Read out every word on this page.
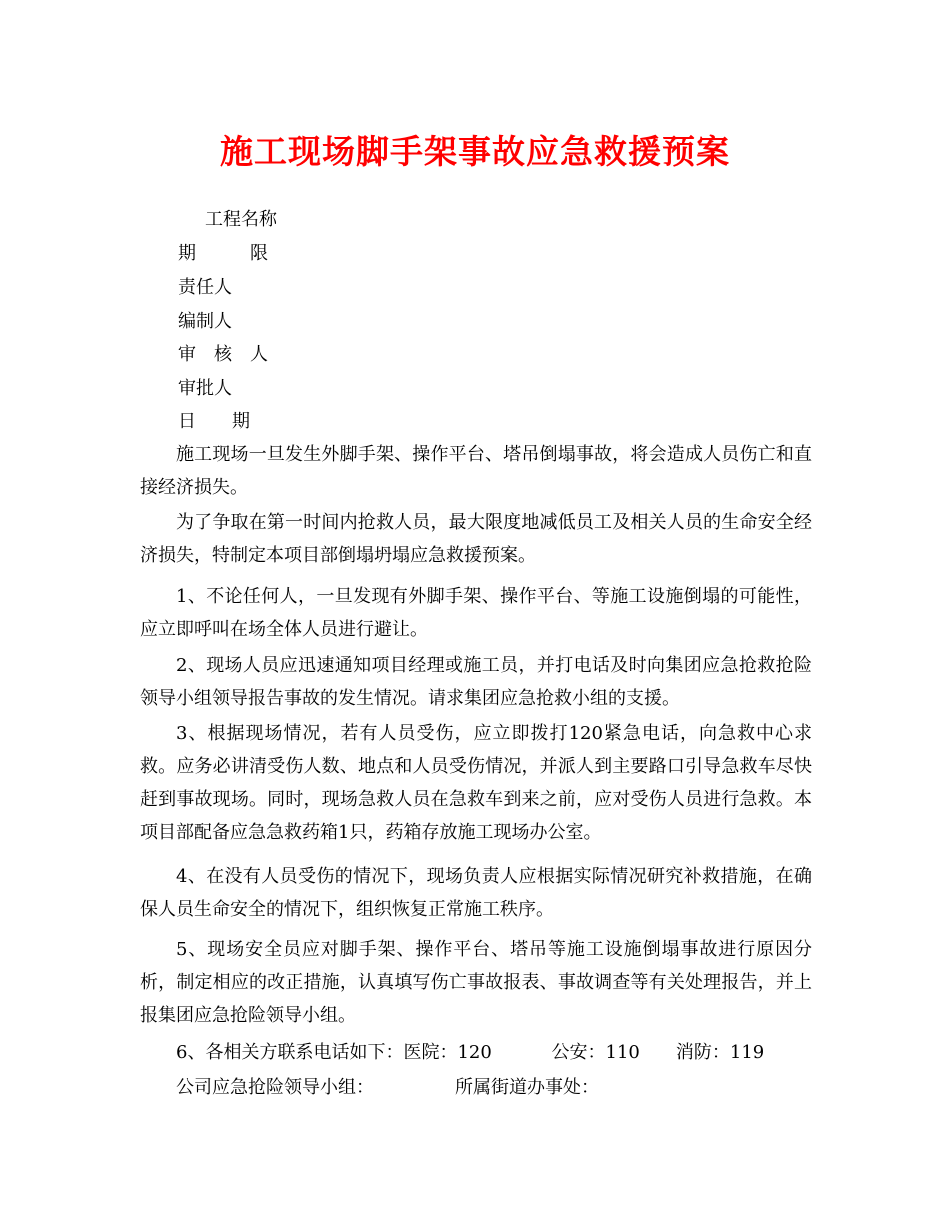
施工现场脚手架事故应急救援预案
工程名称
期　　　限
责任人
编制人
审　核　人
审批人
日　　期
施工现场一旦发生外脚手架、操作平台、塔吊倒塌事故，将会造成人员伤亡和直接经济损失。
为了争取在第一时间内抢救人员，最大限度地减低员工及相关人员的生命安全经济损失，特制定本项目部倒塌坍塌应急救援预案。
1、不论任何人，一旦发现有外脚手架、操作平台、等施工设施倒塌的可能性，应立即呼叫在场全体人员进行避让。
2、现场人员应迅速通知项目经理或施工员，并打电话及时向集团应急抢救抢险领导小组领导报告事故的发生情况。请求集团应急抢救小组的支援。
3、根据现场情况，若有人员受伤，应立即拨打120紧急电话，向急救中心求救。应务必讲清受伤人数、地点和人员受伤情况，并派人到主要路口引导急救车尽快赶到事故现场。同时，现场急救人员在急救车到来之前，应对受伤人员进行急救。本项目部配备应急急救药箱1只，药箱存放施工现场办公室。
4、在没有人员受伤的情况下，现场负责人应根据实际情况研究补救措施，在确保人员生命安全的情况下，组织恢复正常施工秩序。
5、现场安全员应对脚手架、操作平台、塔吊等施工设施倒塌事故进行原因分析，制定相应的改正措施，认真填写伤亡事故报表、事故调查等有关处理报告，并上报集团应急抢险领导小组。
6、各相关方联系电话如下：医院：120　　　 公安：110　　消防：119
公司应急抢险领导小组：　　　　　所属街道办事处：
